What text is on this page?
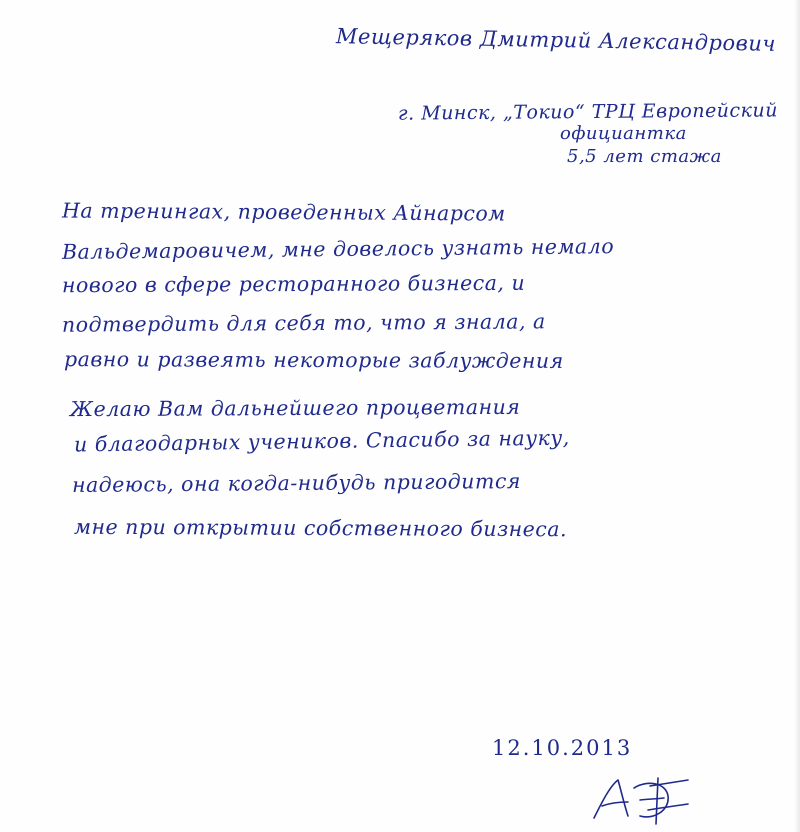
Мещеряков Дмитрий Александрович
г. Минск, „Токио“ ТРЦ Европейский
официантка
5,5 лет стажа
На тренингах, проведенных Айнарсом
Вальдемаровичем, мне довелось узнать немало
нового в сфере ресторанного бизнеса, и
подтвердить для себя то, что я знала, а
равно и развеять некоторые заблуждения
Желаю Вам дальнейшего процветания
и благодарных учеников. Спасибо за науку,
надеюсь, она когда-нибудь пригодится
мне при открытии собственного бизнеса.
12.10.2013
